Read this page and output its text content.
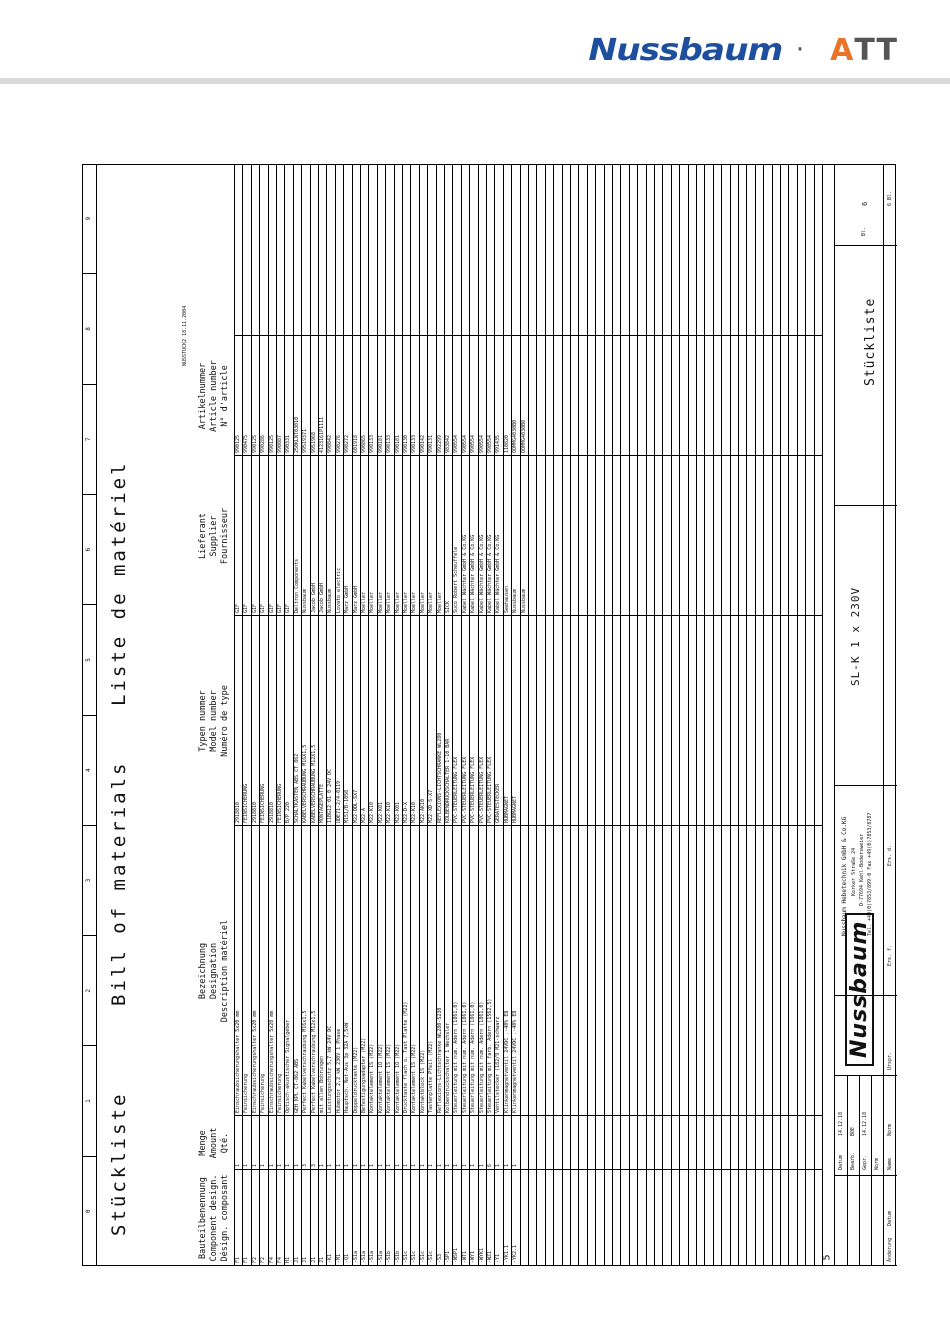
Nussbaum · ATT
5
0
1
2
3
4
5
6
7
8
9
Stückliste
Bill of materials
Liste de matériel
NUSSTUCK2 18.11.2004
Bauteilbenennung Component design. Désign. composant
Menge Amount Qté.
Bezeichnung Designation Description matériel
Typen nummer Model number Numéro de type
Lieferant Supplier Fournisseur
Artikelnummer Article number N° d'article
F1
1
Einschraubsicherungshalter 5x20 mm
2918810
GIF
990125
F1
1
Feinsicherung
FEINSICHERUNG
GIF
990475
F2
1
Einschraubsicherungshalter 5x20 mm
2918810
GIF
990125
F2
1
Feinsicherung
FEINSICHERUNG
GIF
990286
F4
1
Einschraubsicherungshalter 5x20 mm
2918810
GIF
990125
F4
1
Feinsicherung
FEINSICHERUNG
GIF
990087
H1
1
Optisch-akustischer Signalgeber
B/P 220
GIF
990331
J1
1
GEH KPL CT-862 ABS
SCHALTKASTEN ABS CT 862
Deltron Components
250KLNT03010
J1
3
Perfect Kabelverschraubung M16x1,5
KABELVERSCHRAUBUNG M16X1,5
Nussbaum
99519371
J1
3
Perfect Kabelverschraubung M12x1,5
KABELVERSCHRAUBUNG M12X1,5
Jacob GmbH
9951968
J1
1
mit allen Bohrungen
MONTAGEPLATTE
Jacob GmbH
4123161P1111
-K1
1
Leistungsschutz 5,7 kW 24V DC
11BG12 01 0 24V DC
Nussbaum
990842
-M1
1
Hubmotor 2,2 kW 230V 1 Phase
UDE71-2/4-0119
Lovato electric
990276
-Q1
1
Hauptsch. Not-Aus 3p 32A 7,5kW
M151/B-1050
Marz GmbH
990272
-S1a
1
Doppeldrucktaste (M22)
M22-DDL-SX7
Marz GmbH
601918
-S1a
1
Befestigungsadapter (M22)
M22-A
Moeller
990865
-S1a
1
Kontaktelement 1S (M22)
M22-K10
Moeller
990133
-S1a
1
Kontaktelement 1Ö (M22)
M22-K01
Moeller
990181
-S1b
1
Kontaktelement 1S (M22)
M22-K10
Moeller
990133
-S1b
1
Kontaktelement 1Ö (M22)
M22-K01
Moeller
990181
-S1c
1
Drucktaste flach o. Tast Platte (M22)
M22-D-X
Moeller
990130
-S1c
1
Kontaktelement 1S (M22)
M22-K10
Moeller
990133
-S1c
1
Kontaktblock 1S (M22)
M22-AK10
Moeller
990142
-S1c
1
Tastenplatte Pfeil (M22)
M22-XD-S-X7
Moeller
990131
-S3
1
Reflexions-Lichtschranke WL280-S230
REFLEXIONS-LICHTSCHRANKE WL280
Moeller
992299
-SP1
1
Kolbendruckschalter 1 Wechsler
KOLBENDRUCKSCHALTER 1-10 BAR
SICK
983842
-WSP1
1
Steuerleitung mit num. Adern (1861,0)
PVC-STEUERLEITUNG FLEX
Suco Robert Scheuffele
990554
-WT1
1
Steuerleitung mit num. Adern (1861,0)
PVC-STEUERLEITUNG FLEX
Kabel Wächter GmbH & Co.KG
990554
-WY1
1
Steuerleitung mit num. Adern (1861,0)
PVC-STEUERLEITUNG FLEX
Kabel Wächter GmbH & Co.KG
990554
-WYK1
1
Steuerleitung mit num. Adern (1861,0)
PVC-STEUERLEITUNG FLEX
Kabel Wächter GmbH & Co.KG
990554
-WZ1
6
Steuerleitung mit farb. Adern (1562,5)
PVC-STEUERLEITUNG FLEX
Kabel Wächter GmbH & Co.KG
990554
-Y1
1
Ventilstecker (182/9 M21-schwarz
GERATESTECKER
Kabel Wächter GmbH & Co.KG
991435
-YK1.1
1
Klinkenmagnetventil 24VDC .-40% ED
HUBMAGNET
Seehausen
110820
-YK2.1
1
Klinkenmagnetventil 24VDC .-40% ED
HUBMAGNET
Nussbaum
OOMMG4030B0
Nussbaum
OOMMG4030B0
Datum Bearb. Gepr. Norm
14.12.18 BOE 14.12.18
Änderung
Datum
Name
Norm
Urspr.
Ers. f.
Ers. d.
Nussbaum
Nussbaum Hebetechnik GmbH & Co.KG Korker Straße 24 D-77694 Kehl-Bodersweier Tel. +49(0)7853/899-0 Fax +49(0)7853/8787
SL-K 1 x 230V
Stückliste
Bl.
6	6 Bl.
